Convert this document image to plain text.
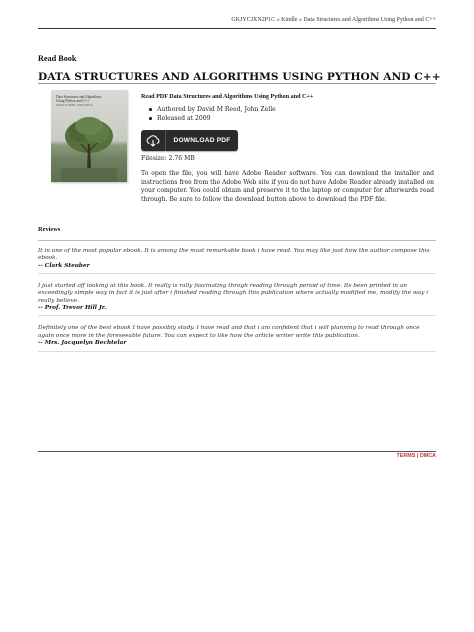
GKJYCJXN2P1C « Kindle « Data Structures and Algorithms Using Python and C++
Read Book
DATA STRUCTURES AND ALGORITHMS USING PYTHON AND C++
Data Structures and Algorithms
Using Python and C++
DAVID M. REED · JOHN ZELLE
Read PDF Data Structures and Algorithms Using Python and C++
Authored by David M Reed, John Zelle
Released at 2009
DOWNLOAD PDF
Filesize: 2.76 MB
To open the file, you will have Adobe Reader software. You can download the installer and instructions free from the Adobe Web site if you do not have Adobe Reader already installed on your computer. You could obtain and preserve it to the laptop or computer for afterwards read through. Be sure to follow the download button above to download the PDF file.
Reviews
It in one of the most popular ebook. It is among the most remarkable book i have read. You may like just how the author compose this ebook.
-- Clark Steuber
I just started off looking at this book. It really is rally fascinating throgh reading through period of time. Its been printed in an exceedingly simple way in fact it is just after i finished reading through this publication where actually modified me, modify the way i really believe.
-- Prof. Trevor Hill Jr.
Definitely one of the best ebook I have possibly study. I have read and that i am confident that i will planning to read through once again once more in the foreseeable future. You can expect to like how the article writer write this publication.
-- Mrs. Jacquelyn Bechtelar
TERMS | DMCA
